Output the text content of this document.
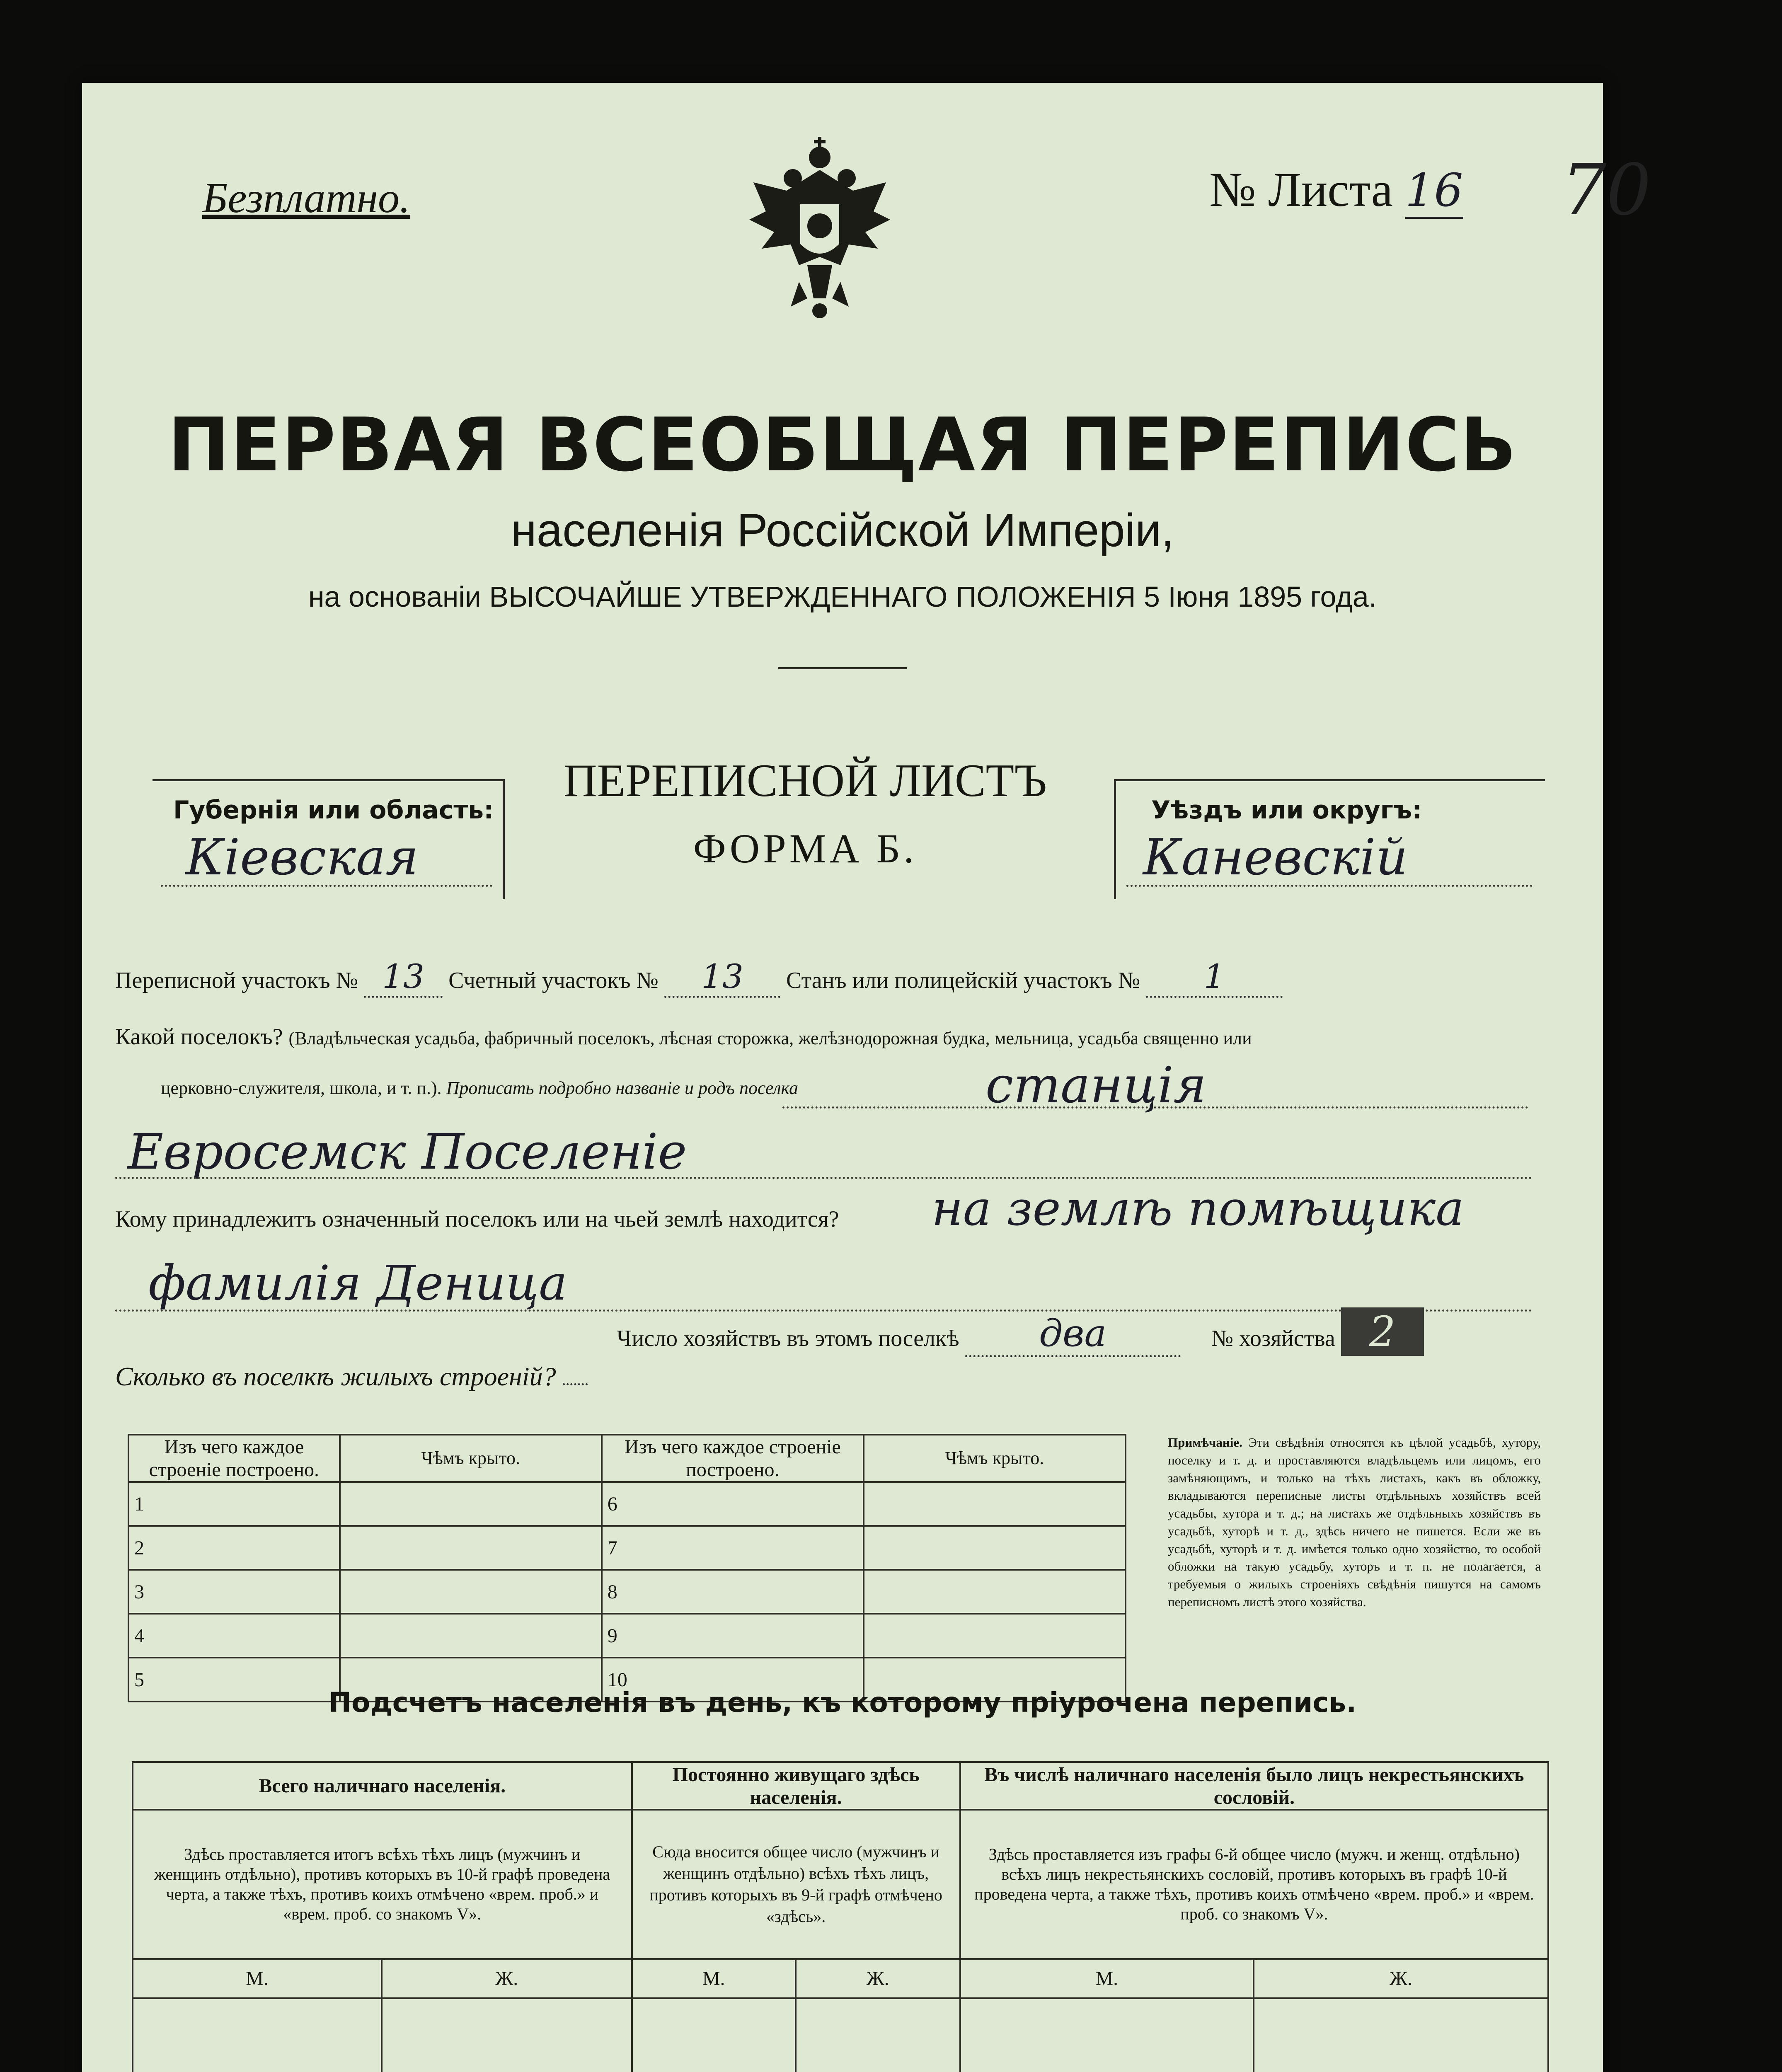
Безплатно.	№ Листа 16 70
ПЕРВАЯ ВСЕОБЩАЯ ПЕРЕПИСЬ
населенія Россійской Имперіи,
на основаніи ВЫСОЧАЙШЕ УТВЕРЖДЕННАГО ПОЛОЖЕНІЯ 5 Іюня 1895 года.
Губернія или область:
Кіевская
ПЕРЕПИСНОЙ ЛИСТЪ
ФОРМА Б.
Уѣздъ или округъ:
Каневскій
Переписной участокъ № 13 Счетный участокъ № 13 Станъ или полицейскій участокъ № 1
Какой поселокъ? (Владѣльческая усадьба, фабричный поселокъ, лѣсная сторожка, желѣзнодорожная будка, мельница, усадьба священно или
церковно-служителя, школа, и т. п.). Прописать подробно названіе и родъ поселка	станція
Евросемск Поселеніе
Кому принадлежитъ означенный поселокъ или на чьей землѣ находится? на землѣ помѣщика
фамилія Деница
Число хозяйствъ въ этомъ поселкѣ два	№ хозяйства 2
Сколько въ поселкѣ жилыхъ строеній?
Изъ чего каждое строеніе построено.	Чѣмъ крыто.	Изъ чего каждое строеніе построено.	Чѣмъ крыто.
1		6	
2		7	
3		8	
4		9	
5		10	
Примѣчаніе. Эти свѣдѣнія относятся къ цѣлой усадьбѣ, хутору, поселку и т. д. и проставляются владѣльцемъ или лицомъ, его замѣняющимъ, и только на тѣхъ листахъ, какъ въ обложку, вкладываются переписные листы отдѣльныхъ хозяйствъ всей усадьбы, хутора и т. д.; на листахъ же отдѣльныхъ хозяйствъ въ усадьбѣ, хуторѣ и т. д., здѣсь ничего не пишется. Если же въ усадьбѣ, хуторѣ и т. д. имѣется только одно хозяйство, то особой обложки на такую усадьбу, хуторъ и т. п. не полагается, а требуемыя о жилыхъ строеніяхъ свѣдѣнія пишутся на самомъ переписномъ листѣ этого хозяйства.
Подсчетъ населенія въ день, къ которому пріурочена перепись.
Всего наличнаго населенія.		Постоянно живущаго здѣсь населенія.		Въ числѣ наличнаго населенія было лицъ некрестьянскихъ сословій.	
Здѣсь проставляется итогъ всѣхъ тѣхъ лицъ (мужчинъ и женщинъ отдѣльно), противъ которыхъ въ 10-й графѣ проведена черта, а также тѣхъ, противъ коихъ отмѣчено «врем. проб.» и «врем. проб. со знакомъ V».		Сюда вносится общее число (мужчинъ и женщинъ отдѣльно) всѣхъ тѣхъ лицъ, противъ которыхъ въ 9-й графѣ отмѣчено «здѣсь».		Здѣсь проставляется изъ графы 6-й общее число (мужч. и женщ. отдѣльно) всѣхъ лицъ некрестьянскихъ сословій, противъ которыхъ въ графѣ 10-й проведена черта, а также тѣхъ, противъ коихъ отмѣчено «врем. проб.» и «врем. проб. со знакомъ V».	
М.	Ж.	М.	Ж.	М.	Ж.
